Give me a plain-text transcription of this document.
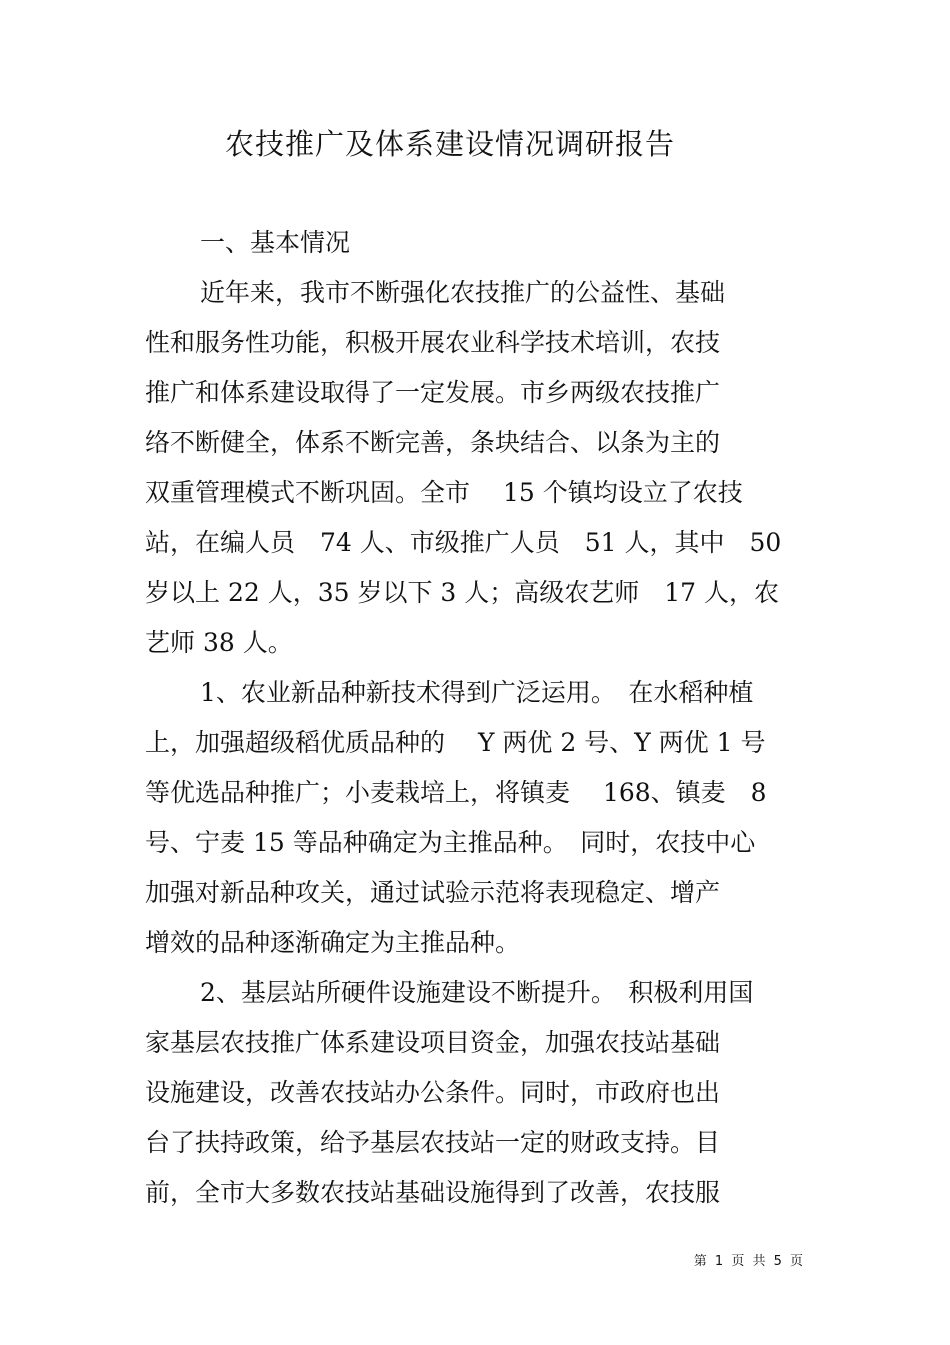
农技推广及体系建设情况调研报告
一、基本情况
近年来，我市不断强化农技推广的公益性、基础
性和服务性功能，积极开展农业科学技术培训，农技
推广和体系建设取得了一定发展。市乡两级农技推广
络不断健全，体系不断完善，条块结合、以条为主的
双重管理模式不断巩固。全市　 15 个镇均设立了农技
站，在编人员　74 人、市级推广人员　51 人，其中　50
岁以上 22 人，35 岁以下 3 人；高级农艺师　17 人，农
艺师 38 人。
1、农业新品种新技术得到广泛运用。　在水稻种植
上，加强超级稻优质品种的　 Y 两优 2 号、Y 两优 1 号
等优选品种推广；小麦栽培上，将镇麦　 168、镇麦　8
号、宁麦 15 等品种确定为主推品种。　同时，农技中心
加强对新品种攻关，通过试验示范将表现稳定、增产
增效的品种逐渐确定为主推品种。
2、基层站所硬件设施建设不断提升。　积极利用国
家基层农技推广体系建设项目资金，加强农技站基础
设施建设，改善农技站办公条件。同时，市政府也出
台了扶持政策，给予基层农技站一定的财政支持。目
前，全市大多数农技站基础设施得到了改善，农技服
第 1 页 共 5 页
